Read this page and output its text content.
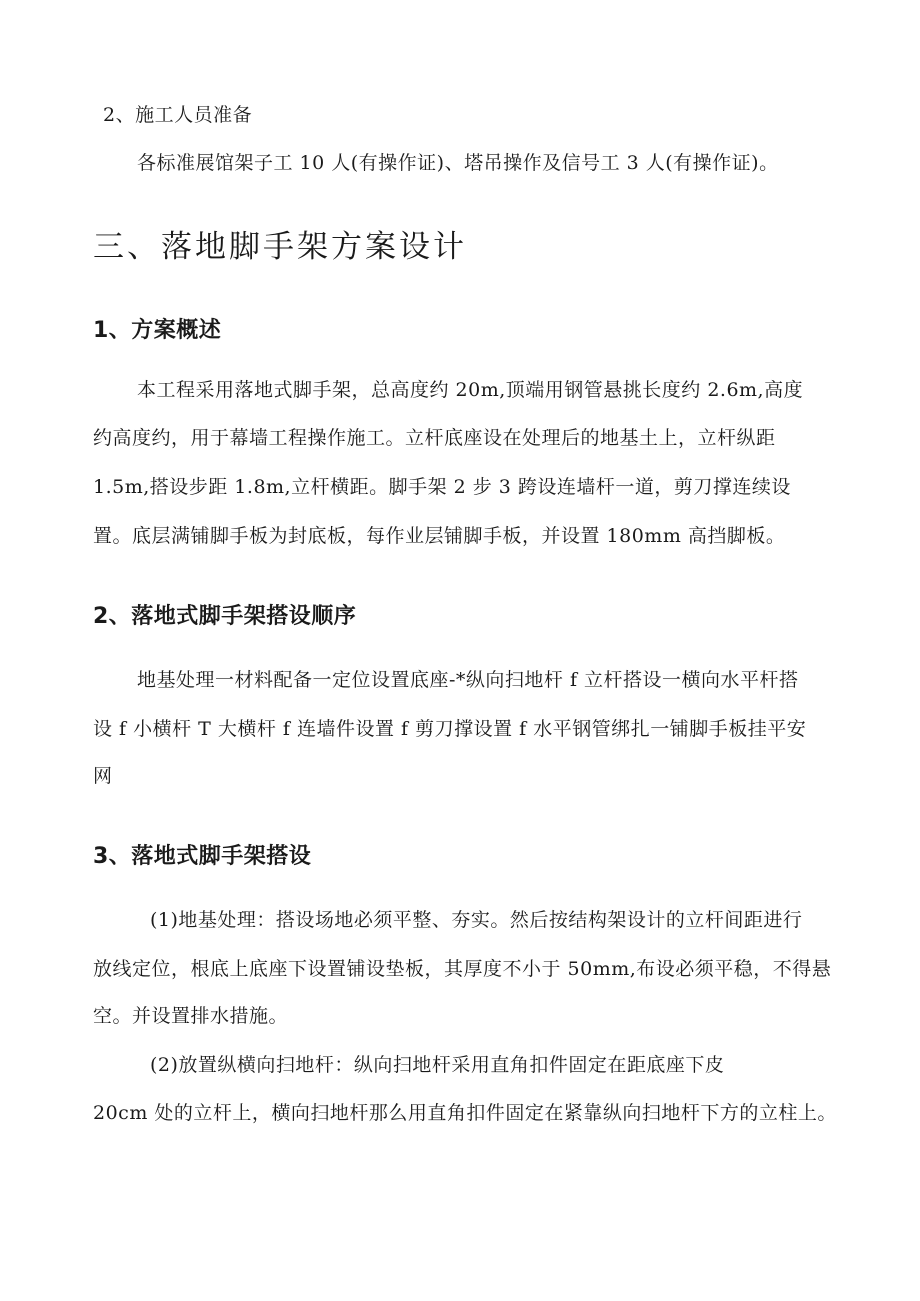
2、施工人员准备

各标准展馆架子工 10 人(有操作证)、塔吊操作及信号工 3 人(有操作证)。

三、落地脚手架方案设计
1、方案概述

本工程采用落地式脚手架，总高度约 20m,顶端用钢管悬挑长度约 2.6m,高度

约高度约，用于幕墙工程操作施工。立杆底座设在处理后的地基土上，立杆纵距

1.5m,搭设步距 1.8m,立杆横距。脚手架 2 步 3 跨设连墙杆一道，剪刀撑连续设

置。底层满铺脚手板为封底板，每作业层铺脚手板，并设置 180mm 高挡脚板。

2、落地式脚手架搭设顺序

地基处理一材料配备一定位设置底座-*纵向扫地杆 f 立杆搭设一横向水平杆搭

设 f 小横杆 T 大横杆 f 连墙件设置 f 剪刀撑设置 f 水平钢管绑扎一铺脚手板挂平安

网

3、落地式脚手架搭设

(1)地基处理：搭设场地必须平整、夯实。然后按结构架设计的立杆间距进行

放线定位，根底上底座下设置铺设垫板，其厚度不小于 50mm,布设必须平稳，不得悬

空。并设置排水措施。

(2)放置纵横向扫地杆：纵向扫地杆采用直角扣件固定在距底座下皮

20cm 处的立杆上，横向扫地杆那么用直角扣件固定在紧靠纵向扫地杆下方的立柱上。
